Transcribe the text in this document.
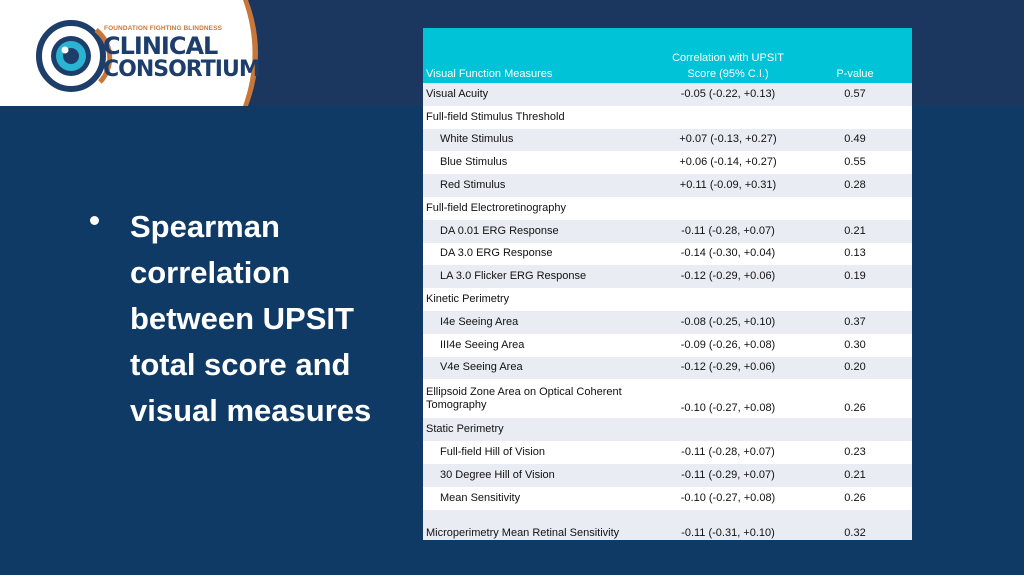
FOUNDATION FIGHTING BLINDNESS
CLINICAL
CONSORTIUM
Spearman correlation between UPSIT total score and visual measures
Visual Function Measures	Correlation with UPSIT Score (95% C.I.)	P-value
Visual Acuity	-0.05 (-0.22, +0.13)	0.57
Full-field Stimulus Threshold		
White Stimulus	+0.07 (-0.13, +0.27)	0.49
Blue Stimulus	+0.06 (-0.14, +0.27)	0.55
Red Stimulus	+0.11 (-0.09, +0.31)	0.28
Full-field Electroretinography		
DA 0.01 ERG Response	-0.11 (-0.28, +0.07)	0.21
DA 3.0 ERG Response	-0.14 (-0.30, +0.04)	0.13
LA 3.0 Flicker ERG Response	-0.12 (-0.29, +0.06)	0.19
Kinetic Perimetry		
I4e Seeing Area	-0.08 (-0.25, +0.10)	0.37
III4e Seeing Area	-0.09 (-0.26, +0.08)	0.30
V4e Seeing Area	-0.12 (-0.29, +0.06)	0.20
Ellipsoid Zone Area on Optical Coherent Tomography	-0.10 (-0.27, +0.08)	0.26
Static Perimetry		
Full-field Hill of Vision	-0.11 (-0.28, +0.07)	0.23
30 Degree Hill of Vision	-0.11 (-0.29, +0.07)	0.21
Mean Sensitivity	-0.10 (-0.27, +0.08)	0.26
Microperimetry Mean Retinal Sensitivity	-0.11 (-0.31, +0.10)	0.32
